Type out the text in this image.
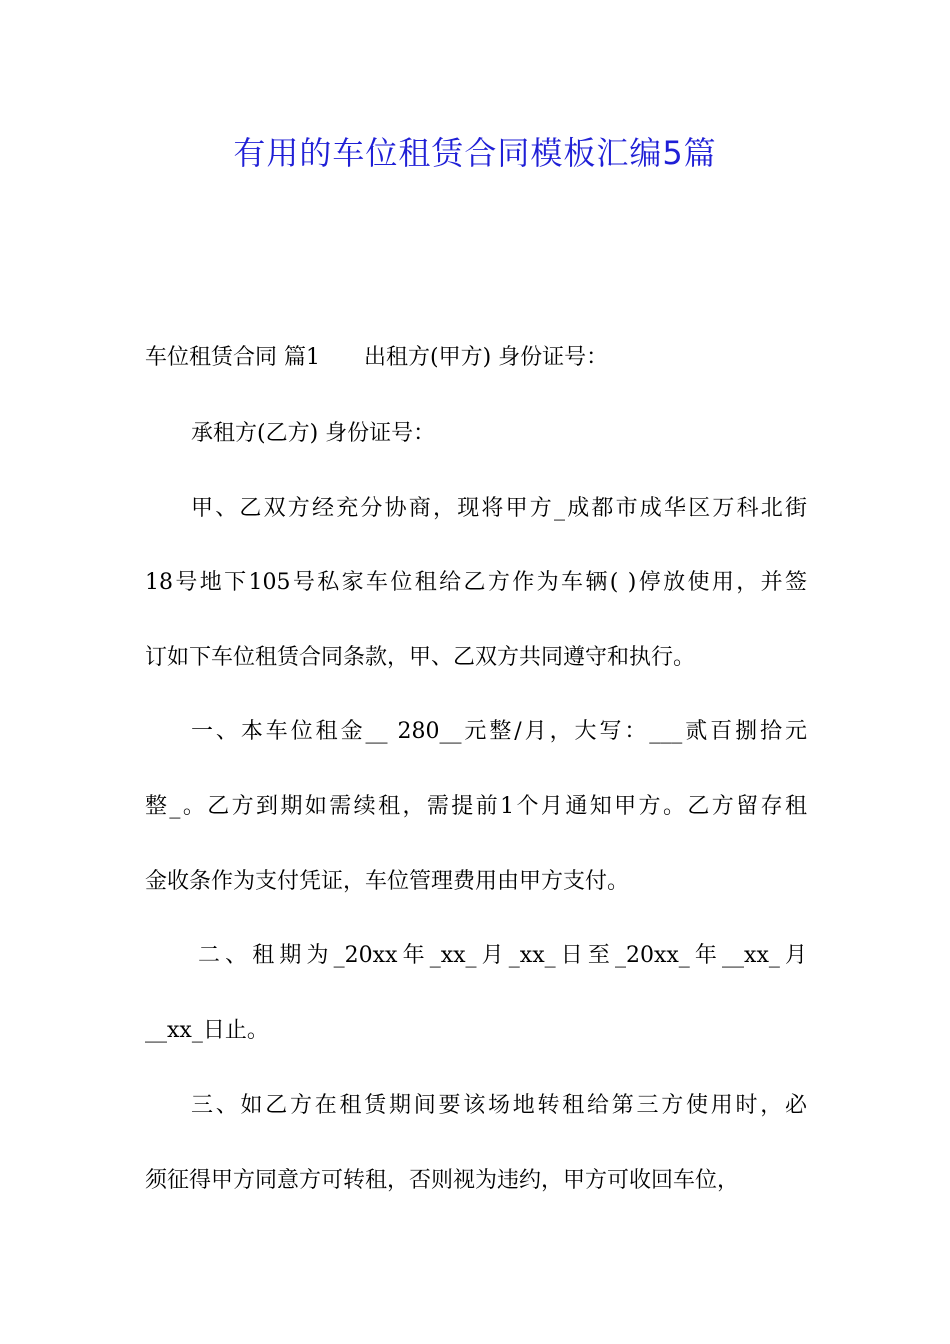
有用的车位租赁合同模板汇编5篇
车位租赁合同 篇1 出租方(甲方) 身份证号：
承租方(乙方) 身份证号：
甲、乙双方经充分协商，现将甲方_成都市成华区万科北街
18号地下105号私家车位租给乙方作为车辆( )停放使用，并签
订如下车位租赁合同条款，甲、乙双方共同遵守和执行。
一、本车位租金__ 280__元整/月，大写：___贰百捌拾元
整_。乙方到期如需续租，需提前1个月通知甲方。乙方留存租
金收条作为支付凭证，车位管理费用由甲方支付。
二、租期为_20xx年_xx_月_xx_日至_20xx_年__xx_月
__xx_日止。
三、如乙方在租赁期间要该场地转租给第三方使用时，必
须征得甲方同意方可转租，否则视为违约，甲方可收回车位，
